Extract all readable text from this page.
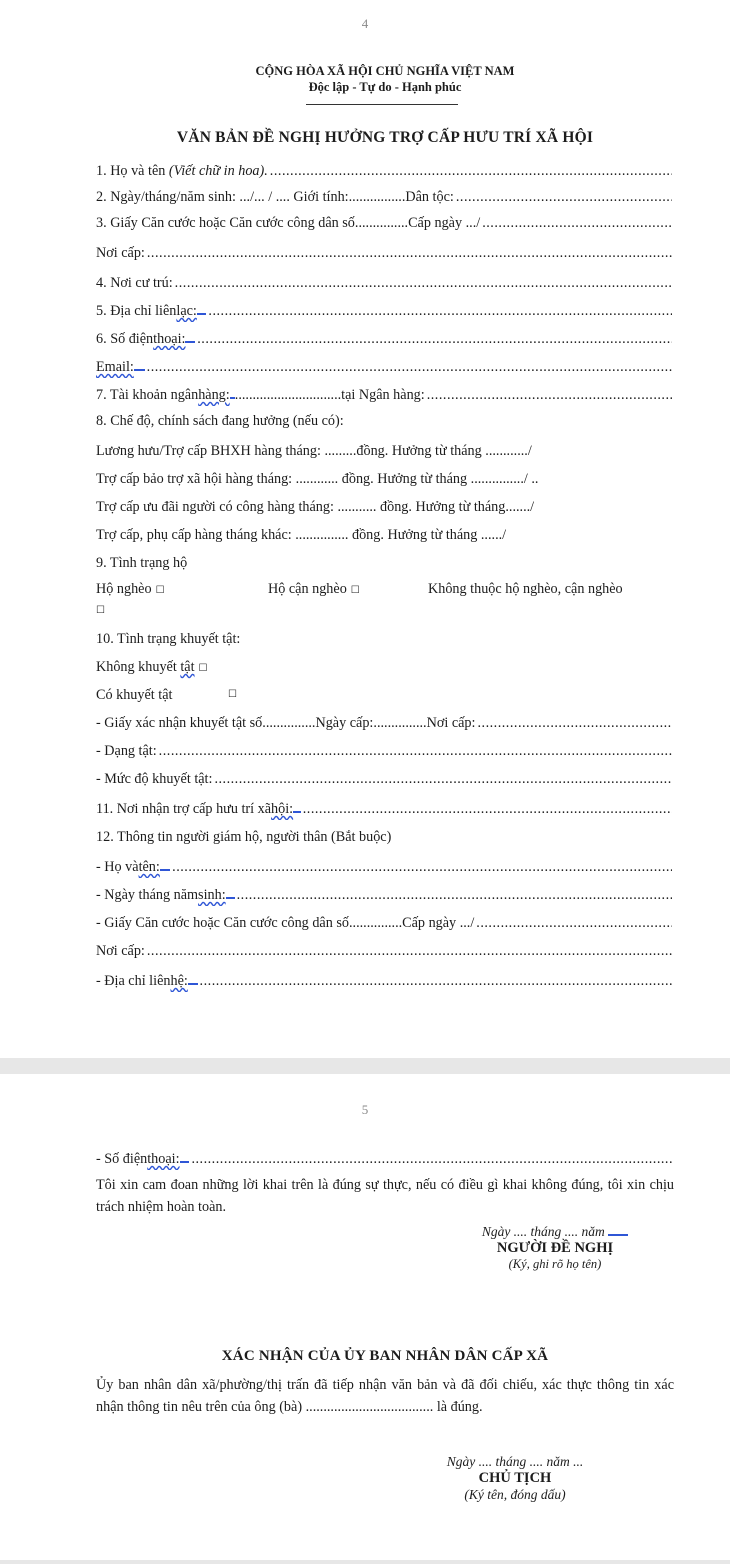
4
CỘNG HÒA XÃ HỘI CHỦ NGHĨA VIỆT NAM
Độc lập - Tự do - Hạnh phúc
VĂN BẢN ĐỀ NGHỊ HƯỞNG TRỢ CẤP HƯU TRÍ XÃ HỘI
1. Họ và tên
(Viết chữ in hoa).
.....
2. Ngày/tháng/năm sinh: .../... / .... Giới tính: ................ Dân tộc:
.....
3. Giấy Căn cước hoặc Căn cước công dân số ............... Cấp ngày .../
.....
Nơi cấp:
.....
4. Nơi cư trú:
.....
5. Địa chỉ liên lạc:
.....
6. Số điện thoại:
.....
Email:
.....
7. Tài khoản ngân hàng: .............................. tại Ngân hàng:
.....
8. Chế độ, chính sách đang hưởng (nếu có):
Lương hưu/Trợ cấp BHXH hàng tháng: .........đồng. Hưởng từ tháng ............/
Trợ cấp bảo trợ xã hội hàng tháng: ............ đồng. Hưởng từ tháng .............../ ..
Trợ cấp ưu đãi người có công hàng tháng: ........... đồng. Hưởng từ tháng......./
Trợ cấp, phụ cấp hàng tháng khác: ............... đồng. Hưởng từ tháng ....../
9. Tình trạng hộ
Hộ nghèo ☐	Hộ cận nghèo ☐	Không thuộc hộ nghèo, cận nghèo
☐
10. Tình trạng khuyết tật:
Không khuyết tật ☐
Có khuyết tật	☐
- Giấy xác nhận khuyết tật số ............... Ngày cấp: ............... Nơi cấp:
.....
- Dạng tật:
.....
- Mức độ khuyết tật:
.....
11. Nơi nhận trợ cấp hưu trí xã hội:
.....
12. Thông tin người giám hộ, người thân (Bắt buộc)
- Họ và tên:
.....
- Ngày tháng năm sinh:
.....
- Giấy Căn cước hoặc Căn cước công dân số ............... Cấp ngày .../
.....
Nơi cấp:
.....
- Địa chỉ liên hệ:
.....
5
- Số điện thoại:
.....
Tôi xin cam đoan những lời khai trên là đúng sự thực, nếu có điều gì khai không đúng, tôi xin chịu trách nhiệm hoàn toàn.
Ngày .... tháng .... năm
NGƯỜI ĐỀ NGHỊ
(Ký, ghi rõ họ tên)
XÁC NHẬN CỦA ỦY BAN NHÂN DÂN CẤP XÃ
Ủy ban nhân dân xã/phường/thị trấn đã tiếp nhận văn bản và đã đối chiếu, xác thực thông tin xác nhận thông tin nêu trên của ông (bà) .................................... là đúng.
Ngày .... tháng .... năm ...
CHỦ TỊCH
(Ký tên, đóng dấu)
